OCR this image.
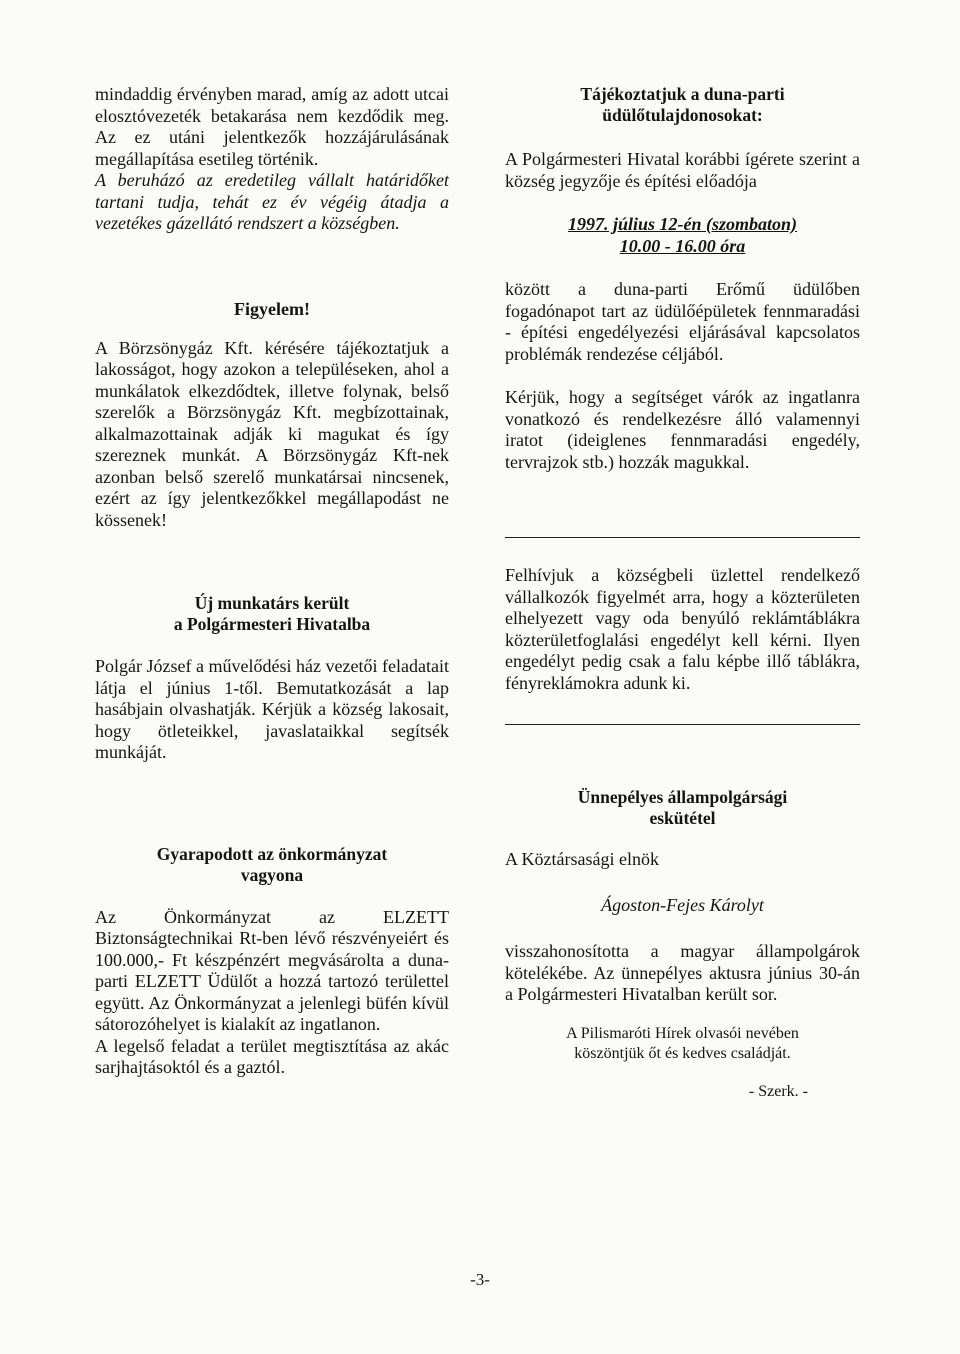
mindaddig érvényben marad, amíg az adott utcai elosztóvezeték betakarása nem kezdődik meg. Az ez utáni jelentkezők hozzájárulásának megállapítása esetileg történik.

A beruházó az eredetileg vállalt határidőket tartani tudja, tehát ez év végéig átadja a vezetékes gázellátó rendszert a községben.

Figyelem!

A Börzsönygáz Kft. kérésére tájékoztatjuk a lakosságot, hogy azokon a településeken, ahol a munkálatok elkezdődtek, illetve folynak, belső szerelők a Börzsönygáz Kft. megbízottainak, alkalmazottainak adják ki magukat és így szereznek munkát. A Börzsönygáz Kft-nek azonban belső szerelő munkatársai nincsenek, ezért az így jelentkezőkkel megállapodást ne kössenek!

Új munkatárs került
a Polgármesteri Hivatalba

Polgár József a művelődési ház vezetői feladatait látja el június 1-től. Bemutatkozását a lap hasábjain olvashatják. Kérjük a község lakosait, hogy ötleteikkel, javaslataikkal segítsék munkáját.

Gyarapodott az önkormányzat
vagyona

Az Önkormányzat az ELZETT Biztonságtechnikai Rt-ben lévő részvényeiért és 100.000,- Ft készpénzért megvásárolta a duna-parti ELZETT Üdülőt a hozzá tartozó területtel együtt. Az Önkormányzat a jelenlegi büfén kívül sátorozóhelyet is kialakít az ingatlanon.

A legelső feladat a terület megtisztítása az akác sarjhajtásoktól és a gaztól.

Tájékoztatjuk a duna-parti
üdülőtulajdonosokat:

A Polgármesteri Hivatal korábbi ígérete szerint a község jegyzője és építési előadója

1997. július 12-én (szombaton)

10.00 - 16.00 óra

között a duna-parti Erőmű üdülőben fogadónapot tart az üdülőépületek fennmaradási - építési engedélyezési eljárásával kapcsolatos problémák rendezése céljából.

Kérjük, hogy a segítséget várók az ingatlanra vonatkozó és rendelkezésre álló valamennyi iratot (ideiglenes fennmaradási engedély, tervrajzok stb.) hozzák magukkal.

Felhívjuk a községbeli üzlettel rendelkező vállalkozók figyelmét arra, hogy a közterületen elhelyezett vagy oda benyúló reklámtáblákra közterületfoglalási engedélyt kell kérni. Ilyen engedélyt pedig csak a falu képbe illő táblákra, fényreklámokra adunk ki.

Ünnepélyes állampolgársági
eskütétel

A Köztársasági elnök

Ágoston-Fejes Károlyt

visszahonosította a magyar állampolgárok kötelékébe. Az ünnepélyes aktusra június 30-án a Polgármesteri Hivatalban került sor.

A Pilismaróti Hírek olvasói nevében

köszöntjük őt és kedves családját.

- Szerk. -

-3-
